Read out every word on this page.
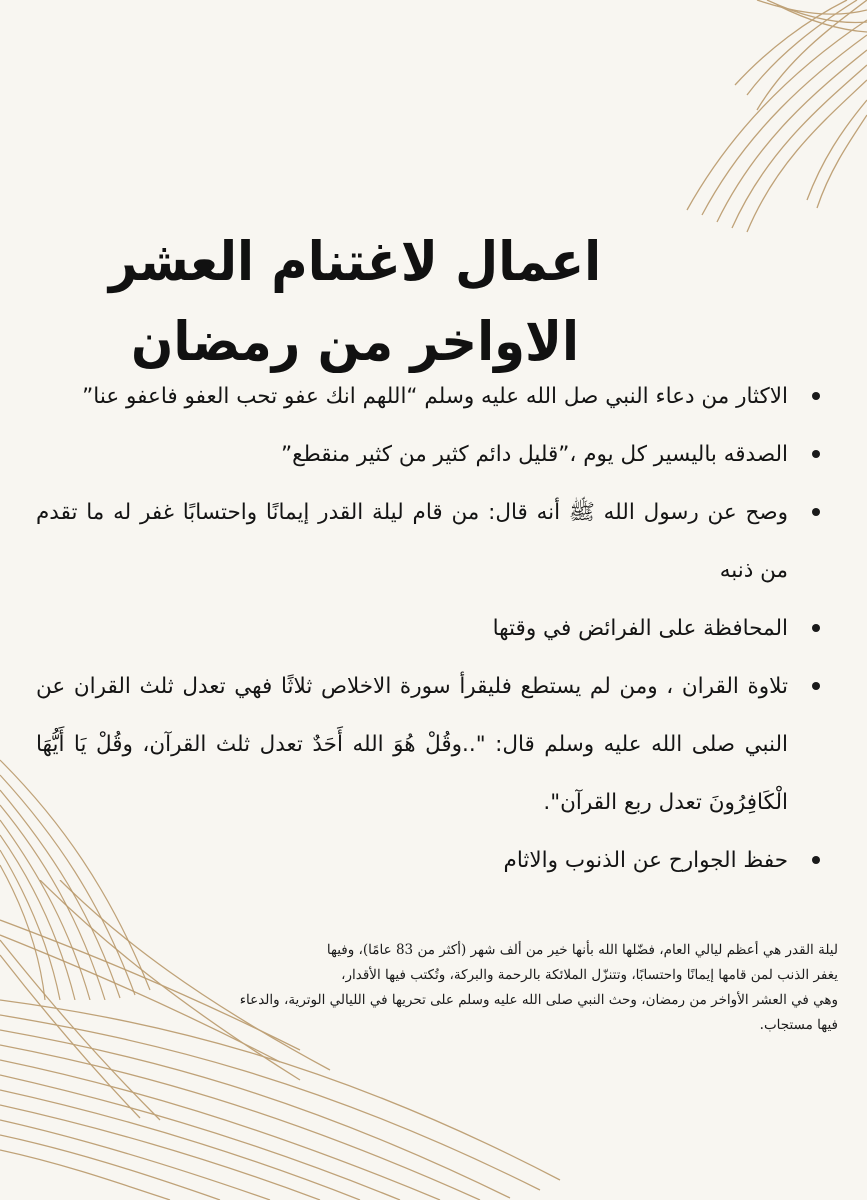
اعمال لاغتنام العشر الاواخر من رمضان
الاكثار من دعاء النبي صل الله عليه وسلم “اللهم انك عفو تحب العفو فاعفو عنا”
الصدقه باليسير كل يوم ،”قليل دائم كثير من كثير منقطع”
وصح عن رسول الله ﷺ أنه قال: من قام ليلة القدر إيمانًا واحتسابًا غفر له ما تقدم من ذنبه
المحافظة على الفرائض في وقتها
تلاوة القران ، ومن لم يستطع فليقرأ سورة الاخلاص ثلاثًا فهي تعدل ثلث القران عن النبي صلى الله عليه وسلم قال: "..وقُلْ هُوَ الله أَحَدٌ تعدل ثلث القرآن، وقُلْ يَا أَيُّهَا الْكَافِرُونَ تعدل ربع القرآن".
حفظ الجوارح عن الذنوب والاثام

ليلة القدر هي أعظم ليالي العام، فضّلها الله بأنها خير من ألف شهر (أكثر من 83 عامًا)، وفيها

يغفر الذنب لمن قامها إيمانًا واحتسابًا، وتتنزّل الملائكة بالرحمة والبركة، وتُكتب فيها الأقدار،

وهي في العشر الأواخر من رمضان، وحث النبي صلى الله عليه وسلم على تحريها في الليالي الوترية، والدعاء فيها مستجاب.
